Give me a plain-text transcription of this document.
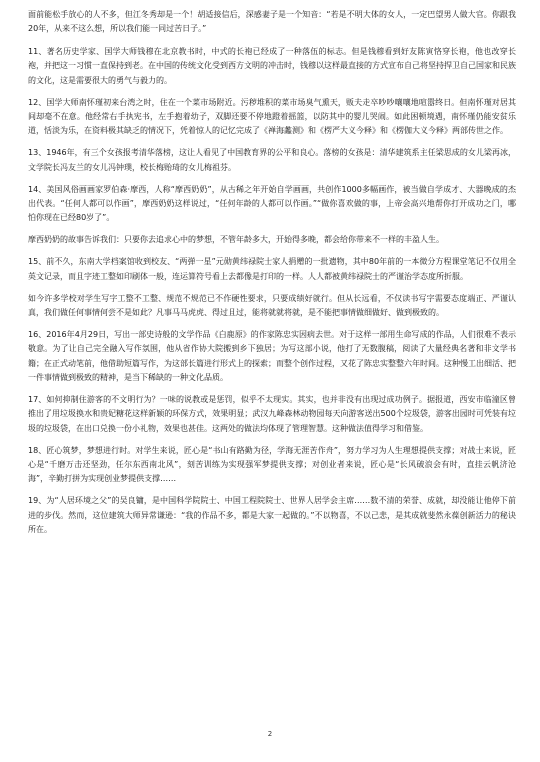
面前能松手放心的人不多，但江冬秀却是一个！胡适接信后，深感妻子是一个知音：“若是不明大体的女人，一定巴望男人做大官。你跟我20年，从来不这么想，所以我们能一同过苦日子。”

11、著名历史学家、国学大师钱穆在北京教书时，中式的长袍已经成了一种落伍的标志。但是钱穆看到好友陈寅恪穿长袍，他也改穿长袍，并把这一习惯一直保持到老。在中国的传统文化受到西方文明的冲击时，钱穆以这样最直接的方式宣布自己将坚持捍卫自己国家和民族的文化，这是需要很大的勇气与毅力的。

12、国学大师南怀瑾初来台湾之时，住在一个菜市场附近。污秽堆积的菜市场臭气熏天，贩夫走卒吵吵嚷嚷地喧嚣终日。但南怀瑾对居其间却毫不在意。他经常右手执宪书，左手抱着幼子，双脚还要不停地蹬着摇篮，以防其中的婴儿哭闹。如此困顿境遇，南怀瑾仍能安贫乐道，恬淡为乐，在资料极其缺乏的情况下，凭着惊人的记忆完成了《禅海蠡测》和《楞严大义今释》和《楞伽大义今释》两部传世之作。

13、1946年，有三个女孩报考清华落榜，这让人看见了中国教育界的公平和良心。落榜的女孩是：清华建筑系主任梁思成的女儿梁再冰，文学院长冯友兰的女儿冯钟璞，校长梅贻琦的女儿梅祖芬。

14、美国风俗画画家罗伯森·摩西，人称“摩西奶奶”，从古稀之年开始自学画画，共创作1000多幅画作，被当做自学成才、大器晚成的杰出代表。“任何人都可以作画”，摩西奶奶这样说过，“任何年龄的人都可以作画。”“做你喜欢做的事，上帝会高兴地帮你打开成功之门，哪怕你现在已经80岁了”。

摩西奶奶的故事告诉我们：只要你去追求心中的梦想，不管年龄多大，开始得多晚，都会给你带来不一样的丰盈人生。

15、前不久，东南大学档案馆收到校友、“两弹一星”元勋黄纬禄院士家人捐赠的一批遗物，其中80年前的一本微分方程课堂笔记不仅用全英文记录，而且字迹工整如印刷体一般，连运算符号看上去都像是打印的一样。人人都被黄纬禄院士的严谨治学态度所折服。

如今许多学校对学生写字工整不工整、规范不规范已不作硬性要求，只要成绩好就行。但从长远看，不仅读书写字需要态度端正、严谨认真，我们做任何事情何尝不是如此？凡事马马虎虎、得过且过，能将就就将就，是不能把事情做细做好、做到极致的。

16、2016年4月29日，写出一部史诗般的文学作品《白鹿原》的作家陈忠实因病去世。对于这样一部用生命写成的作品，人们很难不表示敬意。为了让自己完全融入写作氛围，他从省作协大院搬到乡下独居；为写这部小说，他打了无数腹稿，阅读了大量经典名著和非文学书籍；在正式动笔前，他借助短篇写作，为这部长篇进行形式上的探索；而整个创作过程，又花了陈忠实整整六年时间。这种慢工出细活、把一件事情做到极致的精神，是当下稀缺的一种文化品质。

17、如何抑制住游客的不文明行为？一味的说教或是惩罚，似乎不太现实。其实，也并非没有出现过成功例子。据报道，西安市临潼区曾推出了用垃圾换水和贵妃糖花这样新颖的环保方式，效果明显；武汉九峰森林动物园每天向游客送出500个垃圾袋，游客出园时可凭装有垃圾的垃圾袋，在出口兑换一份小礼物，效果也甚佳。这两处的做法均体现了管理智慧。这种做法值得学习和借鉴。

18、匠心筑梦，梦想进行时。对学生来说，匠心是“书山有路勤为径，学海无涯苦作舟”，努力学习为人生理想提供支撑；对战士来说，匠心是“千磨万击还坚劲，任尔东西南北风”，刻苦训练为实现强军梦提供支撑；对创业者来说，匠心是“长风破浪会有时，直挂云帆济沧海”，辛勤打拼为实现创业梦提供支撑……

19、为“人居环境之父”的吴良镛，是中国科学院院士、中国工程院院士、世界人居学会主席……数不清的荣誉、成就，却没能让他停下前进的步伐。然而，这位建筑大师异常谦逊：“我的作品不多，都是大家一起做的。”不以物喜，不以己悲，是其成就斐然永葆创新活力的秘诀所在。

2
